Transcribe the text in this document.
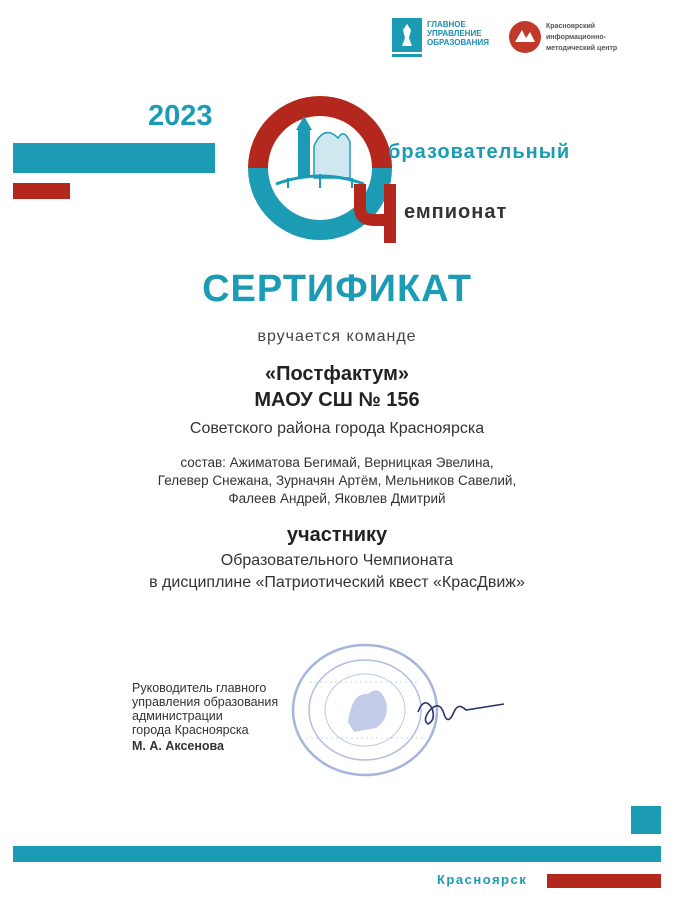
ГЛАВНОЕ УПРАВЛЕНИЕ ОБРАЗОВАНИЯ
Красноярский информационно-методический центр
2023
бразовательный
емпионат
СЕРТИФИКАТ
вручается команде
«Постфактум»
МАОУ СШ № 156
Советского района города Красноярска
состав: Ажиматова Бегимай, Верницкая Эвелина,
Гелевер Снежана, Зурначян Артём, Мельников Савелий,
Фалеев Андрей, Яковлев Дмитрий
участнику
Образовательного Чемпионата
в дисциплине «Патриотический квест «КрасДвиж»
Руководитель главного
управления образования
администрации
города Красноярска
М. А. Аксенова
Красноярск
